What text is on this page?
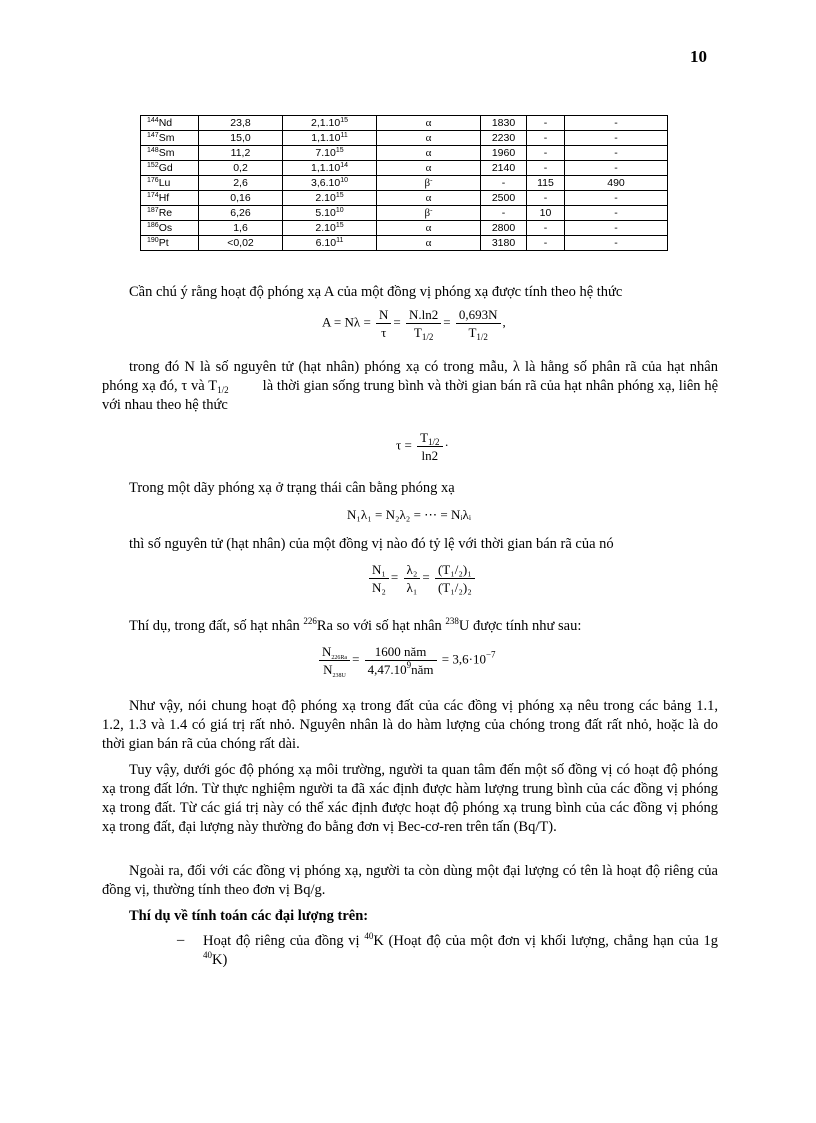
10
$^{144}$Nd	23,8	2,1.10$^{15}$	α	1830	-	-
$^{147}$Sm	15,0	1,1.10$^{11}$	α	2230	-	-
$^{148}$Sm	11,2	7.10$^{15}$	α	1960	-	-
$^{152}$Gd	0,2	1,1.10$^{14}$	α	2140	-	-
$^{176}$Lu	2,6	3,6.10$^{10}$	β-	-	115	490
$^{174}$Hf	0,16	2.10$^{15}$	α	2500	-	-
$^{187}$Re	6,26	5.10$^{10}$	β-	-	10	-
$^{186}$Os	1,6	2.10$^{15}$	α	2800	-	-
$^{190}$Pt	<0,02	6.10$^{11}$	α	3180	-	-

Cần chú ý rằng hoạt độ phóng xạ A của một đồng vị phóng xạ được tính theo hệ thức

$A = N\lambda = \frac{N}{\tau} = \frac{N.\ln 2}{T_{1/2}} = \frac{0,693N}{T_{1/2}}$ ,

trong đó N là số nguyên tử (hạt nhân) phóng xạ có trong mẫu, λ là hằng số phân rã của hạt nhân phóng xạ đó, τ và $T_{1/2}$ là thời gian sống trung bình và thời gian bán rã của hạt nhân phóng xạ, liên hệ với nhau theo hệ thức

$\tau = \frac{T_{1/2}}{\ln 2}$ ·

Trong một dãy phóng xạ ở trạng thái cân bằng phóng xạ

N₁λ₁ = N₂λ₂ = ⋯ = Nᵢλᵢ

thì số nguyên tử (hạt nhân) của một đồng vị nào đó tỷ lệ với thời gian bán rã của nó

$\frac{\text{N₁}}{\text{N₂}} = \frac{\text{λ₂}}{\text{λ₁}} = \frac{\text{(T₁/₂)₁}}{\text{(T₁/₂)₂}}$

Thí dụ, trong đất, số hạt nhân $^{226}$Ra so với số hạt nhân $^{238}$U được tính như sau:

$\frac{N_{226Ra}}{N_{238U}} = \frac{\text{1600 năm}}{4,47.10^9năm} = 3,6\cdot 10^{-7}$

Như vậy, nói chung hoạt độ phóng xạ trong đất của các đồng vị phóng xạ nêu trong các bảng 1.1, 1.2, 1.3 và 1.4 có giá trị rất nhỏ. Nguyên nhân là do hàm lượng của chóng trong đất rất nhỏ, hoặc là do thời gian bán rã của chóng rất dài.

Tuy vậy, dưới góc độ phóng xạ môi trường, người ta quan tâm đến một số đồng vị có hoạt độ phóng xạ trong đất lớn. Từ thực nghiệm người ta đã xác định được hàm lượng trung bình của các đồng vị phóng xạ trong đất. Từ các giá trị này có thể xác định được hoạt độ phóng xạ trung bình của các đồng vị phóng xạ trong đất, đại lượng này thường đo bằng đơn vị Bec-cơ-ren trên tấn (Bq/T).

Ngoài ra, đối với các đồng vị phóng xạ, người ta còn dùng một đại lượng có tên là hoạt độ riêng của đồng vị, thường tính theo đơn vị Bq/g.

Thí dụ về tính toán các đại lượng trên:

– Hoạt độ riêng của đồng vị $^{40}$K (Hoạt độ của một đơn vị khối lượng, chẳng hạn của 1g $^{40}$K)
